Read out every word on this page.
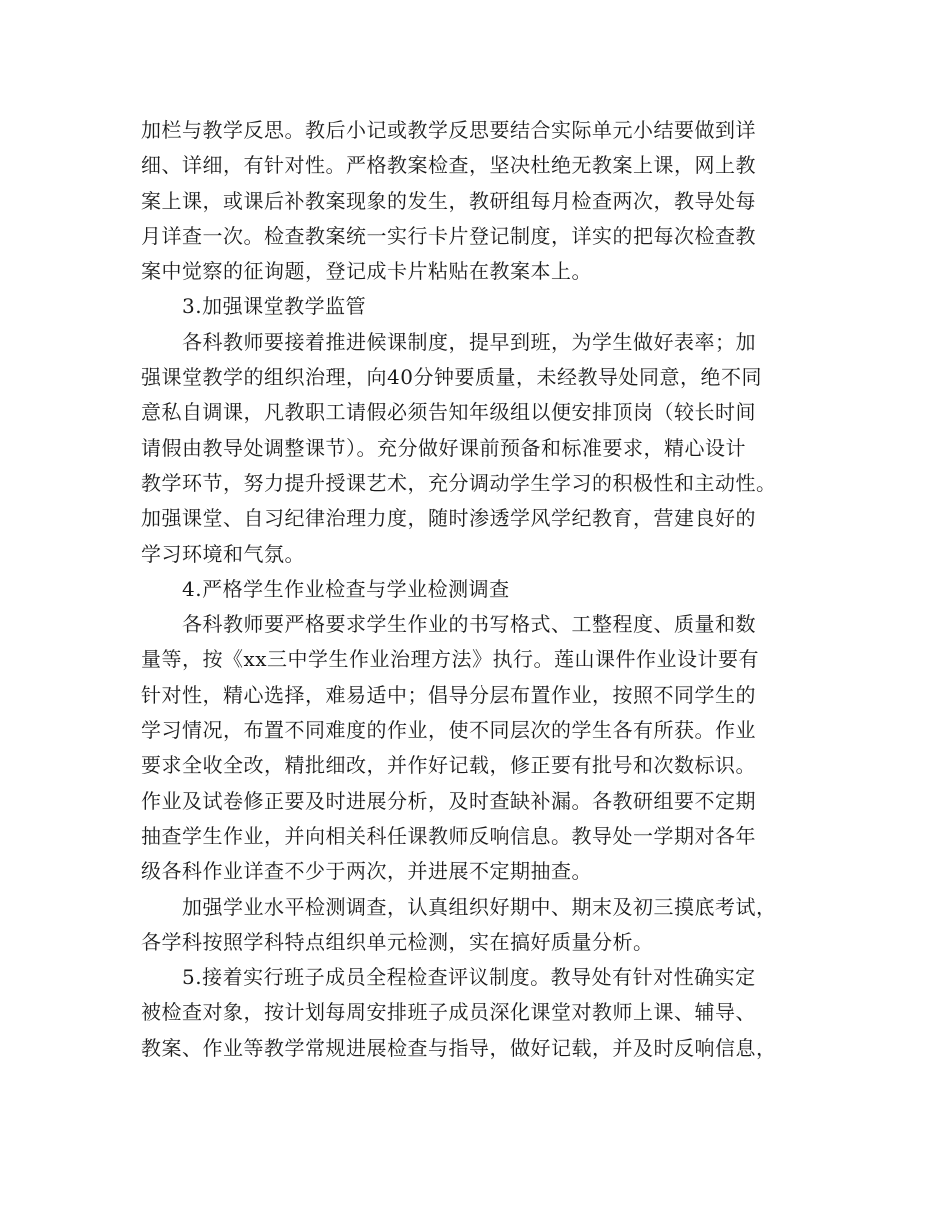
加栏与教学反思。教后小记或教学反思要结合实际单元小结要做到详
细、详细，有针对性。严格教案检查，坚决杜绝无教案上课，网上教
案上课，或课后补教案现象的发生，教研组每月检查两次，教导处每
月详查一次。检查教案统一实行卡片登记制度，详实的把每次检查教
案中觉察的征询题，登记成卡片粘贴在教案本上。
3.加强课堂教学监管
各科教师要接着推进候课制度，提早到班，为学生做好表率；加
强课堂教学的组织治理，向40分钟要质量，未经教导处同意，绝不同
意私自调课，凡教职工请假必须告知年级组以便安排顶岗（较长时间
请假由教导处调整课节）。充分做好课前预备和标准要求，精心设计
教学环节，努力提升授课艺术，充分调动学生学习的积极性和主动性。
加强课堂、自习纪律治理力度，随时渗透学风学纪教育，营建良好的
学习环境和气氛。
4.严格学生作业检查与学业检测调查
各科教师要严格要求学生作业的书写格式、工整程度、质量和数
量等，按《xx三中学生作业治理方法》执行。莲山课件作业设计要有
针对性，精心选择，难易适中；倡导分层布置作业，按照不同学生的
学习情况，布置不同难度的作业，使不同层次的学生各有所获。作业
要求全收全改，精批细改，并作好记载，修正要有批号和次数标识。
作业及试卷修正要及时进展分析，及时查缺补漏。各教研组要不定期
抽查学生作业，并向相关科任课教师反响信息。教导处一学期对各年
级各科作业详查不少于两次，并进展不定期抽查。
加强学业水平检测调查，认真组织好期中、期末及初三摸底考试，
各学科按照学科特点组织单元检测，实在搞好质量分析。
5.接着实行班子成员全程检查评议制度。教导处有针对性确实定
被检查对象，按计划每周安排班子成员深化课堂对教师上课、辅导、
教案、作业等教学常规进展检查与指导，做好记载，并及时反响信息，
